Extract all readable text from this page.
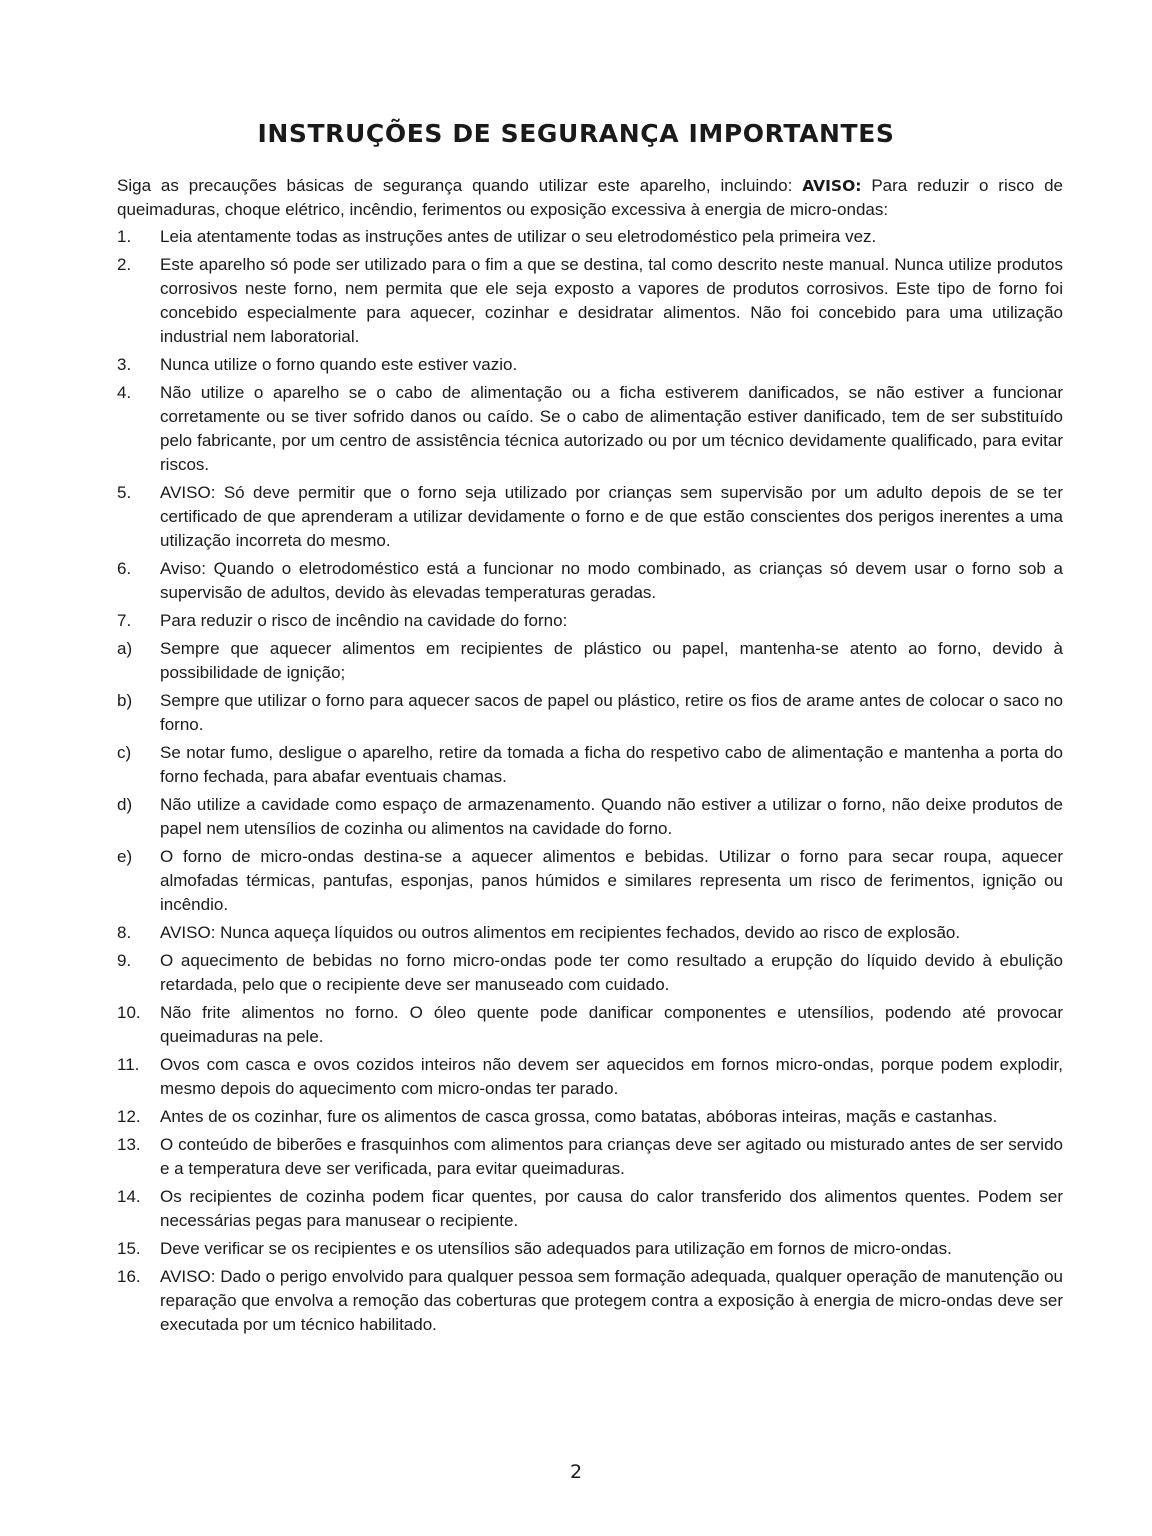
INSTRUÇÕES DE SEGURANÇA IMPORTANTES

Siga as precauções básicas de segurança quando utilizar este aparelho, incluindo: AVISO: Para reduzir o risco de queimaduras, choque elétrico, incêndio, ferimentos ou exposição excessiva à energia de micro-ondas:

1.	Leia atentamente todas as instruções antes de utilizar o seu eletrodoméstico pela primeira vez.
2.	Este aparelho só pode ser utilizado para o fim a que se destina, tal como descrito neste manual. Nunca utilize produtos corrosivos neste forno, nem permita que ele seja exposto a vapores de produtos corrosivos. Este tipo de forno foi concebido especialmente para aquecer, cozinhar e desidratar alimentos. Não foi concebido para uma utilização industrial nem laboratorial.
3.	Nunca utilize o forno quando este estiver vazio.
4.	Não utilize o aparelho se o cabo de alimentação ou a ficha estiverem danificados, se não estiver a funcionar corretamente ou se tiver sofrido danos ou caído. Se o cabo de alimentação estiver danificado, tem de ser substituído pelo fabricante, por um centro de assistência técnica autorizado ou por um técnico devidamente qualificado, para evitar riscos.
5.	AVISO: Só deve permitir que o forno seja utilizado por crianças sem supervisão por um adulto depois de se ter certificado de que aprenderam a utilizar devidamente o forno e de que estão conscientes dos perigos inerentes a uma utilização incorreta do mesmo.
6.	Aviso: Quando o eletrodoméstico está a funcionar no modo combinado, as crianças só devem usar o forno sob a supervisão de adultos, devido às elevadas temperaturas geradas.
7.	Para reduzir o risco de incêndio na cavidade do forno:
a)	Sempre que aquecer alimentos em recipientes de plástico ou papel, mantenha-se atento ao forno, devido à possibilidade de ignição;
b)	Sempre que utilizar o forno para aquecer sacos de papel ou plástico, retire os fios de arame antes de colocar o saco no forno.
c)	Se notar fumo, desligue o aparelho, retire da tomada a ficha do respetivo cabo de alimentação e mantenha a porta do forno fechada, para abafar eventuais chamas.
d)	Não utilize a cavidade como espaço de armazenamento. Quando não estiver a utilizar o forno, não deixe produtos de papel nem utensílios de cozinha ou alimentos na cavidade do forno.
e)	O forno de micro-ondas destina-se a aquecer alimentos e bebidas. Utilizar o forno para secar roupa, aquecer almofadas térmicas, pantufas, esponjas, panos húmidos e similares representa um risco de ferimentos, ignição ou incêndio.
8.	AVISO: Nunca aqueça líquidos ou outros alimentos em recipientes fechados, devido ao risco de explosão.
9.	O aquecimento de bebidas no forno micro-ondas pode ter como resultado a erupção do líquido devido à ebulição retardada, pelo que o recipiente deve ser manuseado com cuidado.
10.	Não frite alimentos no forno. O óleo quente pode danificar componentes e utensílios, podendo até provocar queimaduras na pele.
11.	Ovos com casca e ovos cozidos inteiros não devem ser aquecidos em fornos micro-ondas, porque podem explodir, mesmo depois do aquecimento com micro-ondas ter parado.
12.	Antes de os cozinhar, fure os alimentos de casca grossa, como batatas, abóboras inteiras, maçãs e castanhas.
13.	O conteúdo de biberões e frasquinhos com alimentos para crianças deve ser agitado ou misturado antes de ser servido e a temperatura deve ser verificada, para evitar queimaduras.
14.	Os recipientes de cozinha podem ficar quentes, por causa do calor transferido dos alimentos quentes. Podem ser necessárias pegas para manusear o recipiente.
15.	Deve verificar se os recipientes e os utensílios são adequados para utilização em fornos de micro-ondas.
16.	AVISO: Dado o perigo envolvido para qualquer pessoa sem formação adequada, qualquer operação de manutenção ou reparação que envolva a remoção das coberturas que protegem contra a exposição à energia de micro-ondas deve ser executada por um técnico habilitado.
2
